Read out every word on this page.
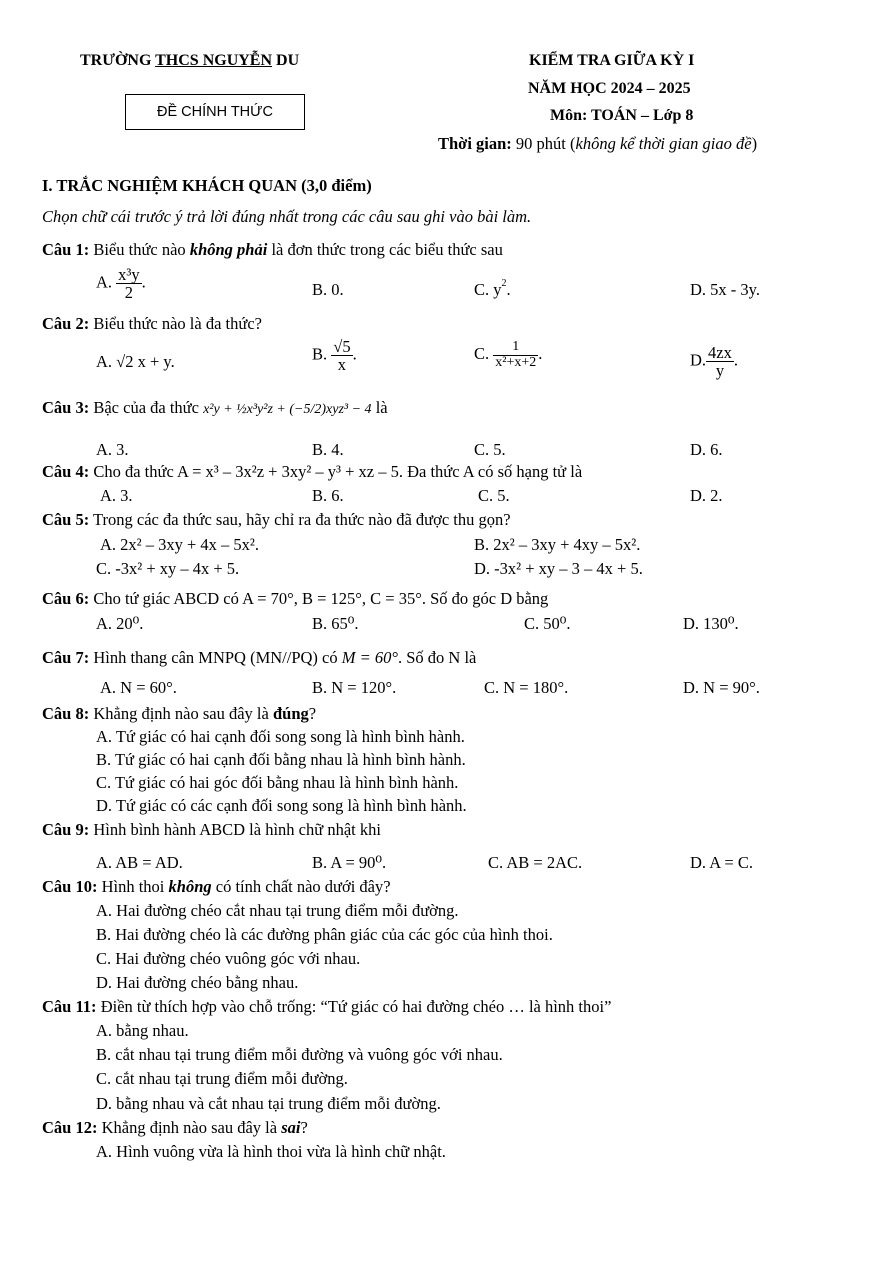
TRƯỜNG THCS NGUYỄN DU
ĐỀ CHÍNH THỨC
KIỂM TRA GIỮA KỲ I
NĂM HỌC 2024 – 2025
Môn: TOÁN – Lớp 8
Thời gian: 90 phút (không kể thời gian giao đề)
I. TRẮC NGHIỆM KHÁCH QUAN (3,0 điểm)
Chọn chữ cái trước ý trả lời đúng nhất trong các câu sau ghi vào bài làm.
Câu 1: Biểu thức nào không phải là đơn thức trong các biểu thức sau
A. $\frac{\text{x³y}}{2}$ .	B. 0.	C. $y^2$.	D. 5x - 3y.
Câu 2: Biểu thức nào là đa thức?
A. √2 x + y.	B. $\frac{√5}{x}$ .	C. $\frac{1}{\text{x²+x+2}}$ .	D. $\frac{4zx}{y}$ .
Câu 3: Bậc của đa thức x²y + ½x³y²z + (−5/2)xyz³ − 4 là
A. 3.	B. 4.	C. 5.	D. 6.
Câu 4: Cho đa thức A = x³ – 3x²z + 3xy² – y³ + xz – 5. Đa thức A có số hạng tử là
A. 3.	B. 6.	C. 5.	D. 2.
Câu 5: Trong các đa thức sau, hãy chỉ ra đa thức nào đã được thu gọn?
A. 2x² – 3xy + 4x – 5x².	B. 2x² – 3xy + 4xy – 5x².
C. -3x² + xy – 4x + 5.	D. -3x² + xy – 3 – 4x + 5.
Câu 6: Cho tứ giác ABCD có A = 70°, B = 125°, C = 35°. Số đo góc D bằng
A. 20⁰.	B. 65⁰.	C. 50⁰.	D. 130⁰.
Câu 7: Hình thang cân MNPQ (MN//PQ) có M = 60°. Số đo N là
A. N = 60°.	B. N = 120°.	C. N = 180°.	D. N = 90°.
Câu 8: Khẳng định nào sau đây là đúng?
A. Tứ giác có hai cạnh đối song song là hình bình hành.
B. Tứ giác có hai cạnh đối bằng nhau là hình bình hành.
C. Tứ giác có hai góc đối bằng nhau là hình bình hành.
D. Tứ giác có các cạnh đối song song là hình bình hành.
Câu 9: Hình bình hành ABCD là hình chữ nhật khi
A. AB = AD.	B. A = 90⁰.	C. AB = 2AC.	D. A = C.
Câu 10: Hình thoi không có tính chất nào dưới đây?
A. Hai đường chéo cắt nhau tại trung điểm mỗi đường.
B. Hai đường chéo là các đường phân giác của các góc của hình thoi.
C. Hai đường chéo vuông góc với nhau.
D. Hai đường chéo bằng nhau.
Câu 11: Điền từ thích hợp vào chỗ trống: “Tứ giác có hai đường chéo … là hình thoi”
A. bằng nhau.
B. cắt nhau tại trung điểm mỗi đường và vuông góc với nhau.
C. cắt nhau tại trung điểm mỗi đường.
D. bằng nhau và cắt nhau tại trung điểm mỗi đường.
Câu 12: Khẳng định nào sau đây là sai?
A. Hình vuông vừa là hình thoi vừa là hình chữ nhật.
